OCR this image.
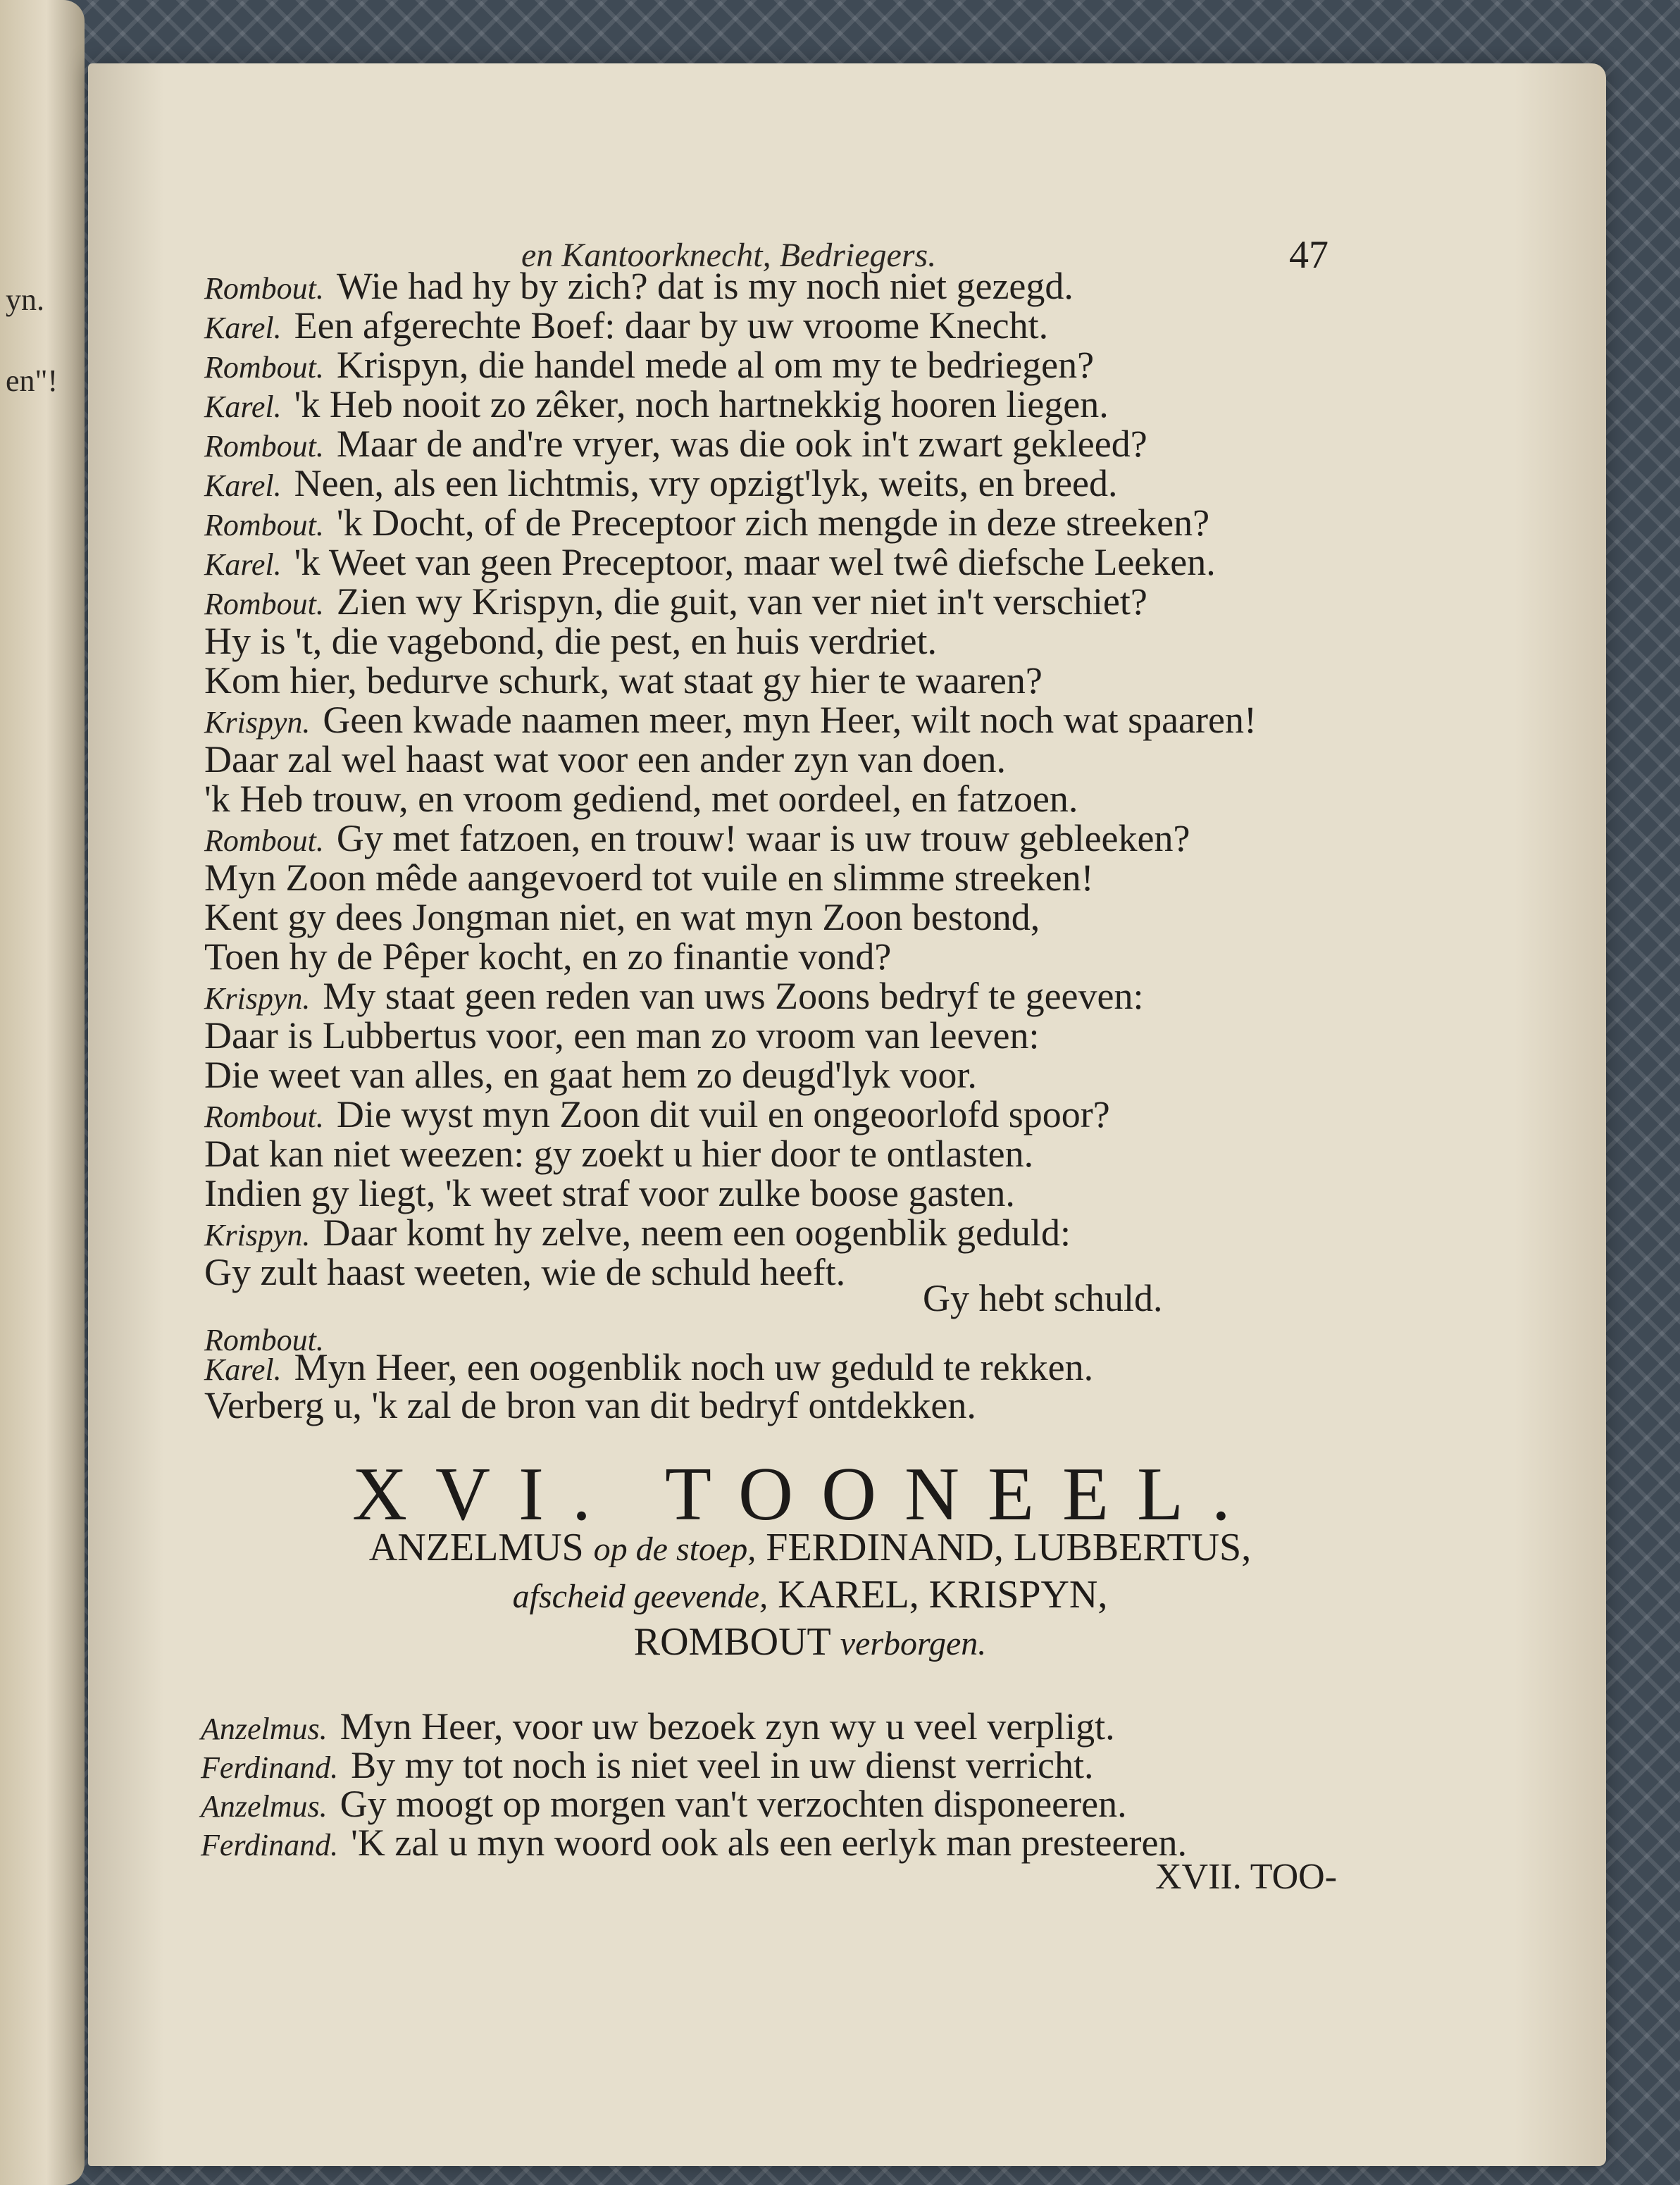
yn.
en"!
en Kantoorknecht, Bedriegers.	47
Rombout. Wie had hy by zich? dat is my noch niet gezegd.
Karel. Een afgerechte Boef: daar by uw vroome Knecht.
Rombout. Krispyn, die handel mede al om my te bedriegen?
Karel. 'k Heb nooit zo zêker, noch hartnekkig hooren liegen.
Rombout. Maar de and're vryer, was die ook in't zwart gekleed?
Karel. Neen, als een lichtmis, vry opzigt'lyk, weits, en breed.
Rombout. 'k Docht, of de Preceptoor zich mengde in deze streeken?
Karel. 'k Weet van geen Preceptoor, maar wel twê diefsche Leeken.
Rombout. Zien wy Krispyn, die guit, van ver niet in't verschiet?
Hy is 't, die vagebond, die pest, en huis verdriet.
Kom hier, bedurve schurk, wat staat gy hier te waaren?
Krispyn. Geen kwade naamen meer, myn Heer, wilt noch wat spaaren!
Daar zal wel haast wat voor een ander zyn van doen.
'k Heb trouw, en vroom gediend, met oordeel, en fatzoen.
Rombout. Gy met fatzoen, en trouw! waar is uw trouw gebleeken?
Myn Zoon mêde aangevoerd tot vuile en slimme streeken!
Kent gy dees Jongman niet, en wat myn Zoon bestond,
Toen hy de Pêper kocht, en zo finantie vond?
Krispyn. My staat geen reden van uws Zoons bedryf te geeven:
Daar is Lubbertus voor, een man zo vroom van leeven:
Die weet van alles, en gaat hem zo deugd'lyk voor.
Rombout. Die wyst myn Zoon dit vuil en ongeoorlofd spoor?
Dat kan niet weezen: gy zoekt u hier door te ontlasten.
Indien gy liegt, 'k weet straf voor zulke boose gasten.
Krispyn. Daar komt hy zelve, neem een oogenblik geduld:
Gy zult haast weeten, wie de schuld heeft.
Karel. Myn Heer, een oogenblik noch uw geduld te rekken.
Verberg u, 'k zal de bron van dit bedryf ontdekken.
Gy hebt schuld.
Rombout.
XVI. TOONEEL.
ANZELMUS op de stoep, FERDINAND, LUBBERTUS,
afscheid geevende, KAREL, KRISPYN,
ROMBOUT verborgen.
Anzelmus. Myn Heer, voor uw bezoek zyn wy u veel verpligt.
Ferdinand. By my tot noch is niet veel in uw dienst verricht.
Anzelmus. Gy moogt op morgen van't verzochten disponeeren.
Ferdinand. 'K zal u myn woord ook als een eerlyk man presteeren.
XVII. TOO-
